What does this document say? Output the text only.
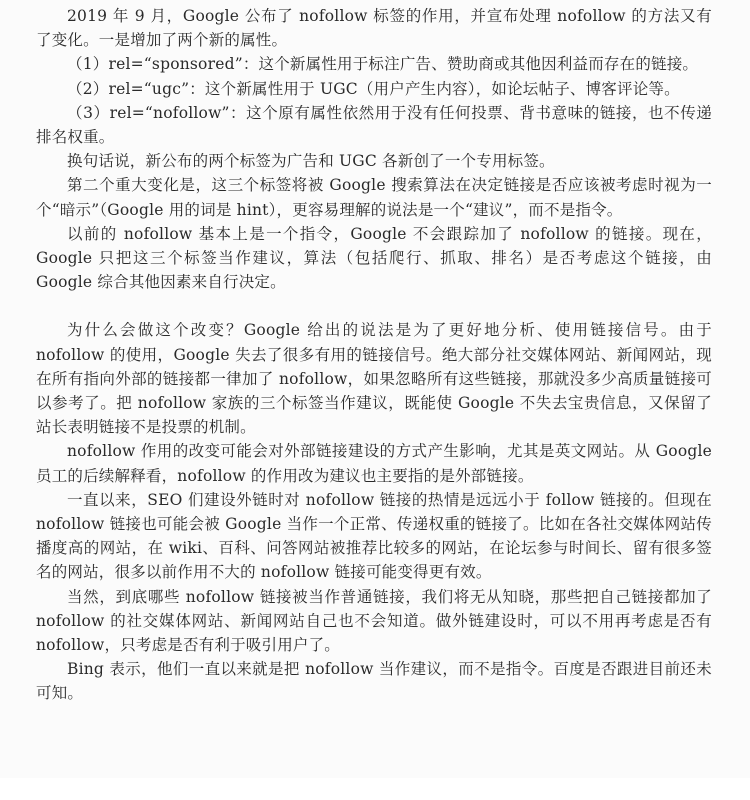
2019 年 9 月，Google 公布了 nofollow 标签的作用，并宣布处理 nofollow 的方法又有了变化。一是增加了两个新的属性。

（1）rel=“sponsored”：这个新属性用于标注广告、赞助商或其他因利益而存在的链接。

（2）rel=“ugc”：这个新属性用于 UGC（用户产生内容），如论坛帖子、博客评论等。

（3）rel=“nofollow”：这个原有属性依然用于没有任何投票、背书意味的链接，也不传递排名权重。

换句话说，新公布的两个标签为广告和 UGC 各新创了一个专用标签。

第二个重大变化是，这三个标签将被 Google 搜索算法在决定链接是否应该被考虑时视为一个“暗示”（Google 用的词是 hint），更容易理解的说法是一个“建议”，而不是指令。

以前的 nofollow 基本上是一个指令，Google 不会跟踪加了 nofollow 的链接。现在，Google 只把这三个标签当作建议，算法（包括爬行、抓取、排名）是否考虑这个链接，由 Google 综合其他因素来自行决定。

为什么会做这个改变？Google 给出的说法是为了更好地分析、使用链接信号。由于 nofollow 的使用，Google 失去了很多有用的链接信号。绝大部分社交媒体网站、新闻网站，现在所有指向外部的链接都一律加了 nofollow，如果忽略所有这些链接，那就没多少高质量链接可以参考了。把 nofollow 家族的三个标签当作建议，既能使 Google 不失去宝贵信息，又保留了站长表明链接不是投票的机制。

nofollow 作用的改变可能会对外部链接建设的方式产生影响，尤其是英文网站。从 Google 员工的后续解释看，nofollow 的作用改为建议也主要指的是外部链接。

一直以来，SEO 们建设外链时对 nofollow 链接的热情是远远小于 follow 链接的。但现在 nofollow 链接也可能会被 Google 当作一个正常、传递权重的链接了。比如在各社交媒体网站传播度高的网站，在 wiki、百科、问答网站被推荐比较多的网站，在论坛参与时间长、留有很多签名的网站，很多以前作用不大的 nofollow 链接可能变得更有效。

当然，到底哪些 nofollow 链接被当作普通链接，我们将无从知晓，那些把自己链接都加了 nofollow 的社交媒体网站、新闻网站自己也不会知道。做外链建设时，可以不用再考虑是否有 nofollow，只考虑是否有利于吸引用户了。

Bing 表示，他们一直以来就是把 nofollow 当作建议，而不是指令。百度是否跟进目前还未可知。
